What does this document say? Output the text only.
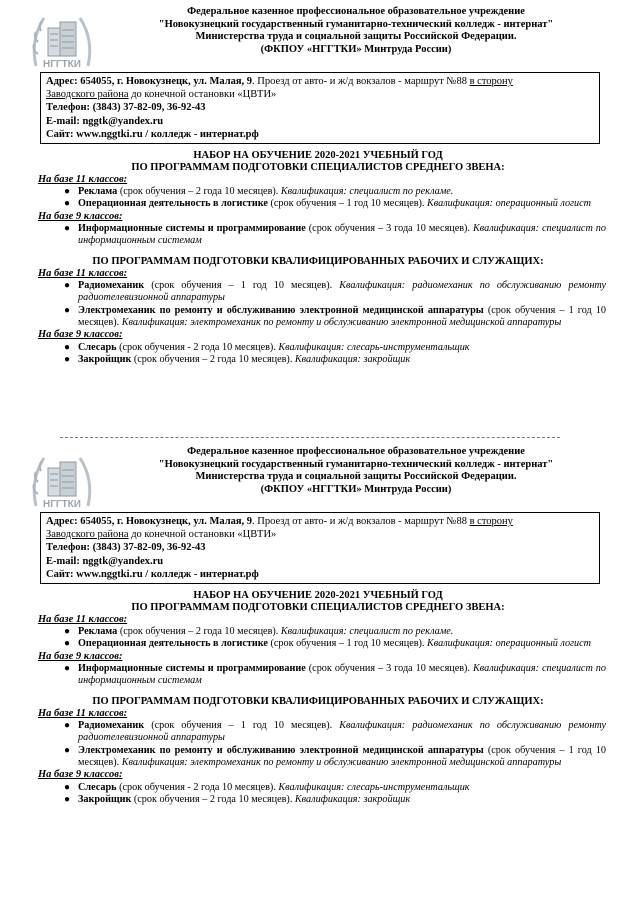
НГГТКИ
Федеральное казенное профессиональное образовательное учреждение
"Новокузнецкий государственный гуманитарно-технический колледж - интернат"
Министерства труда и социальной защиты Российской Федерации.
(ФКПОУ «НГГТКИ» Минтруда России)
Адрес: 654055, г. Новокузнецк, ул. Малая, 9. Проезд от авто- и ж/д вокзалов - маршрут №88 в сторону
Заводского района до конечной остановки «ЦВТИ»
Телефон: (3843) 37-82-09, 36-92-43
E-mail: nggtk@yandex.ru
Сайт: www.nggtki.ru / колледж - интернат.рф
НАБОР НА ОБУЧЕНИЕ 2020-2021 УЧЕБНЫЙ ГОД
ПО ПРОГРАММАМ ПОДГОТОВКИ СПЕЦИАЛИСТОВ СРЕДНЕГО ЗВЕНА:
На базе 11 классов:
● Реклама (срок обучения – 2 года 10 месяцев). Квалификация: специалист по рекламе.
● Операционная деятельность в логистике (срок обучения – 1 год 10 месяцев). Квалификация: операционный логист
На базе 9 классов:
● Информационные системы и программирование (срок обучения – 3 года 10 месяцев). Квалификация: специалист по информационным системам
ПО ПРОГРАММАМ ПОДГОТОВКИ КВАЛИФИЦИРОВАННЫХ РАБОЧИХ И СЛУЖАЩИХ:
На базе 11 классов:
● Радиомеханик (срок обучения – 1 год 10 месяцев). Квалификация: радиомеханик по обслуживанию ремонту радиотелевизионной аппаратуры
● Электромеханик по ремонту и обслуживанию электронной медицинской аппаратуры (срок обучения – 1 год 10 месяцев). Квалификация: электромеханик по ремонту и обслуживанию электронной медицинской аппаратуры
На базе 9 классов:
● Слесарь (срок обучения - 2 года 10 месяцев). Квалификация: слесарь-инструментальщик
● Закройщик (срок обучения – 2 года 10 месяцев). Квалификация: закройщик
НГГТКИ
Федеральное казенное профессиональное образовательное учреждение
"Новокузнецкий государственный гуманитарно-технический колледж - интернат"
Министерства труда и социальной защиты Российской Федерации.
(ФКПОУ «НГГТКИ» Минтруда России)
Адрес: 654055, г. Новокузнецк, ул. Малая, 9. Проезд от авто- и ж/д вокзалов - маршрут №88 в сторону
Заводского района до конечной остановки «ЦВТИ»
Телефон: (3843) 37-82-09, 36-92-43
E-mail: nggtk@yandex.ru
Сайт: www.nggtki.ru / колледж - интернат.рф
НАБОР НА ОБУЧЕНИЕ 2020-2021 УЧЕБНЫЙ ГОД
ПО ПРОГРАММАМ ПОДГОТОВКИ СПЕЦИАЛИСТОВ СРЕДНЕГО ЗВЕНА:
На базе 11 классов:
● Реклама (срок обучения – 2 года 10 месяцев). Квалификация: специалист по рекламе.
● Операционная деятельность в логистике (срок обучения – 1 год 10 месяцев). Квалификация: операционный логист
На базе 9 классов:
● Информационные системы и программирование (срок обучения – 3 года 10 месяцев). Квалификация: специалист по информационным системам
ПО ПРОГРАММАМ ПОДГОТОВКИ КВАЛИФИЦИРОВАННЫХ РАБОЧИХ И СЛУЖАЩИХ:
На базе 11 классов:
● Радиомеханик (срок обучения – 1 год 10 месяцев). Квалификация: радиомеханик по обслуживанию ремонту радиотелевизионной аппаратуры
● Электромеханик по ремонту и обслуживанию электронной медицинской аппаратуры (срок обучения – 1 год 10 месяцев). Квалификация: электромеханик по ремонту и обслуживанию электронной медицинской аппаратуры
На базе 9 классов:
● Слесарь (срок обучения - 2 года 10 месяцев). Квалификация: слесарь-инструментальщик
● Закройщик (срок обучения – 2 года 10 месяцев). Квалификация: закройщик
